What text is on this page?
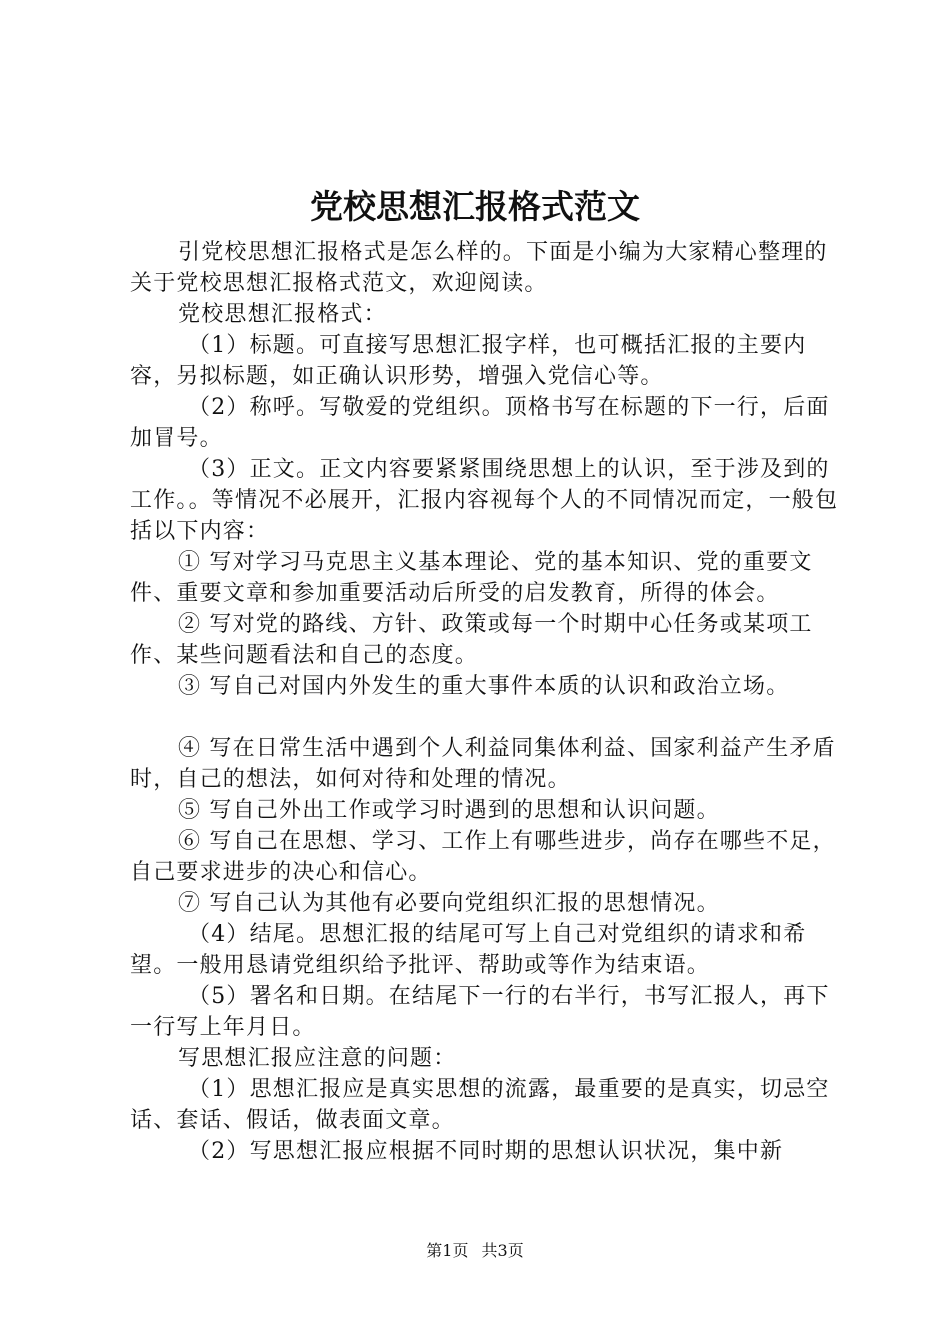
党校思想汇报格式范文

引党校思想汇报格式是怎么样的。下面是小编为大家精心整理的关于党校思想汇报格式范文，欢迎阅读。

党校思想汇报格式：

（1）标题。可直接写思想汇报字样，也可概括汇报的主要内容，另拟标题，如正确认识形势，增强入党信心等。

（2）称呼。写敬爱的党组织。顶格书写在标题的下一行，后面加冒号。

（3）正文。正文内容要紧紧围绕思想上的认识，至于涉及到的工作。。等情况不必展开，汇报内容视每个人的不同情况而定，一般包括以下内容：

① 写对学习马克思主义基本理论、党的基本知识、党的重要文件、重要文章和参加重要活动后所受的启发教育，所得的体会。

② 写对党的路线、方针、政策或每一个时期中心任务或某项工作、某些问题看法和自己的态度。

③ 写自己对国内外发生的重大事件本质的认识和政治立场。

④ 写在日常生活中遇到个人利益同集体利益、国家利益产生矛盾时，自己的想法，如何对待和处理的情况。

⑤ 写自己外出工作或学习时遇到的思想和认识问题。

⑥ 写自己在思想、学习、工作上有哪些进步，尚存在哪些不足，自己要求进步的决心和信心。

⑦ 写自己认为其他有必要向党组织汇报的思想情况。

（4）结尾。思想汇报的结尾可写上自己对党组织的请求和希望。一般用恳请党组织给予批评、帮助或等作为结束语。

（5）署名和日期。在结尾下一行的右半行，书写汇报人，再下一行写上年月日。

写思想汇报应注意的问题：

（1）思想汇报应是真实思想的流露，最重要的是真实，切忌空话、套话、假话，做表面文章。

（2）写思想汇报应根据不同时期的思想认识状况，集中新

第1页 共3页
